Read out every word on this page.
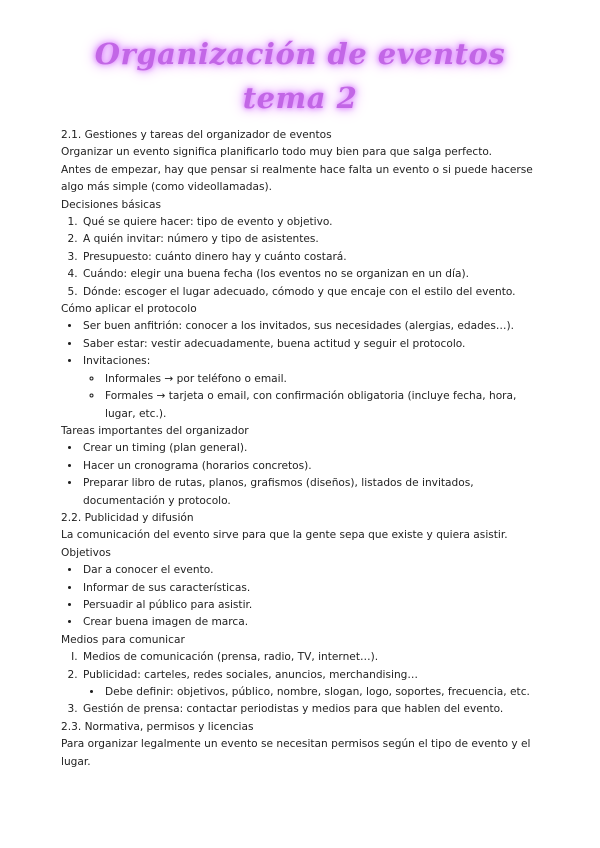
Organización de eventos
tema 2

2.1. Gestiones y tareas del organizador de eventos

Organizar un evento significa planificarlo todo muy bien para que salga perfecto.

Antes de empezar, hay que pensar si realmente hace falta un evento o si puede hacerse algo más simple (como videollamadas).

Decisiones básicas

1. Qué se quiere hacer: tipo de evento y objetivo.
2. A quién invitar: número y tipo de asistentes.
3. Presupuesto: cuánto dinero hay y cuánto costará.
4. Cuándo: elegir una buena fecha (los eventos no se organizan en un día).
5. Dónde: escoger el lugar adecuado, cómodo y que encaje con el estilo del evento.

Cómo aplicar el protocolo

• Ser buen anfitrión: conocer a los invitados, sus necesidades (alergias, edades…).
• Saber estar: vestir adecuadamente, buena actitud y seguir el protocolo.
• Invitaciones:
◦ Informales → por teléfono o email.
◦ Formales → tarjeta o email, con confirmación obligatoria (incluye fecha, hora, lugar, etc.).

Tareas importantes del organizador

• Crear un timing (plan general).
• Hacer un cronograma (horarios concretos).
• Preparar libro de rutas, planos, grafismos (diseños), listados de invitados, documentación y protocolo.

2.2. Publicidad y difusión

La comunicación del evento sirve para que la gente sepa que existe y quiera asistir.

Objetivos

• Dar a conocer el evento.
• Informar de sus características.
• Persuadir al público para asistir.
• Crear buena imagen de marca.

Medios para comunicar

I. Medios de comunicación (prensa, radio, TV, internet…).
2. Publicidad: carteles, redes sociales, anuncios, merchandising…
• Debe definir: objetivos, público, nombre, slogan, logo, soportes, frecuencia, etc.
3. Gestión de prensa: contactar periodistas y medios para que hablen del evento.

2.3. Normativa, permisos y licencias

Para organizar legalmente un evento se necesitan permisos según el tipo de evento y el lugar.
